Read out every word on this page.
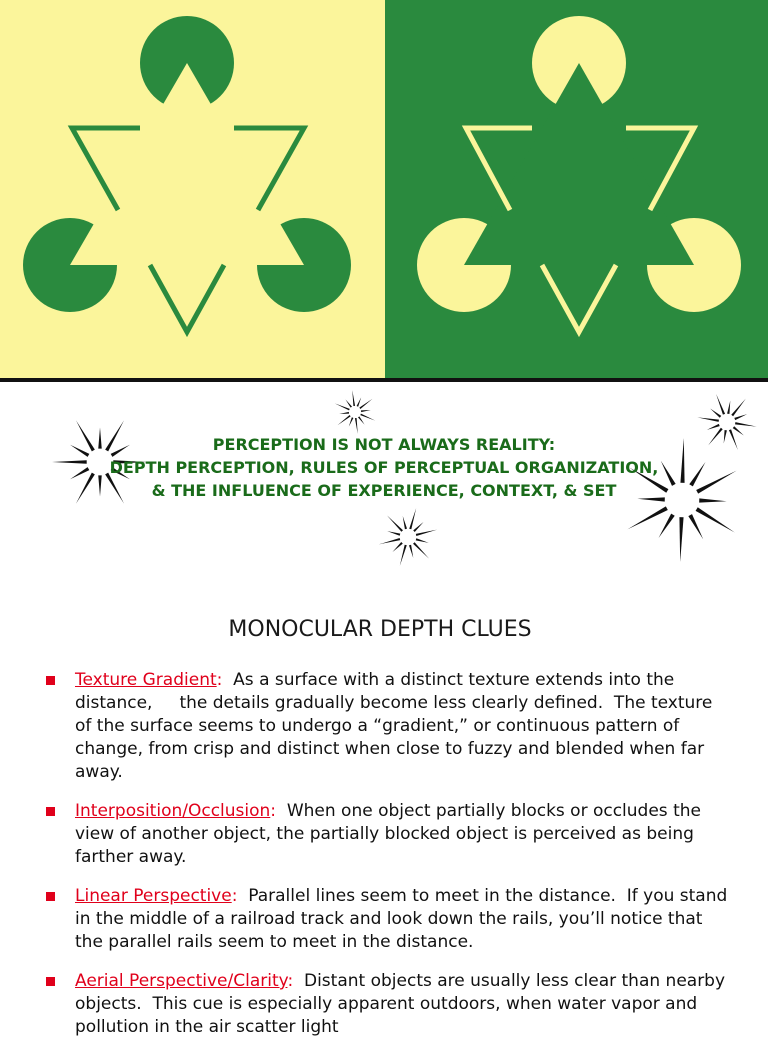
PERCEPTION IS NOT ALWAYS REALITY:
DEPTH PERCEPTION, RULES OF PERCEPTUAL ORGANIZATION,
& THE INFLUENCE OF EXPERIENCE, CONTEXT, & SET
MONOCULAR DEPTH CLUES
Texture Gradient:  As a surface with a distinct texture extends into the distance,     the details gradually become less clearly defined.  The texture of the surface seems to undergo a “gradient,” or continuous pattern of change, from crisp and distinct when close to fuzzy and blended when far away.
Interposition/Occlusion:  When one object partially blocks or occludes the view of another object, the partially blocked object is perceived as being farther away.
Linear Perspective:  Parallel lines seem to meet in the distance.  If you stand in the middle of a railroad track and look down the rails, you’ll notice that the parallel rails seem to meet in the distance.
Aerial Perspective/Clarity:  Distant objects are usually less clear than nearby objects.  This cue is especially apparent outdoors, when water vapor and pollution in the air scatter light
